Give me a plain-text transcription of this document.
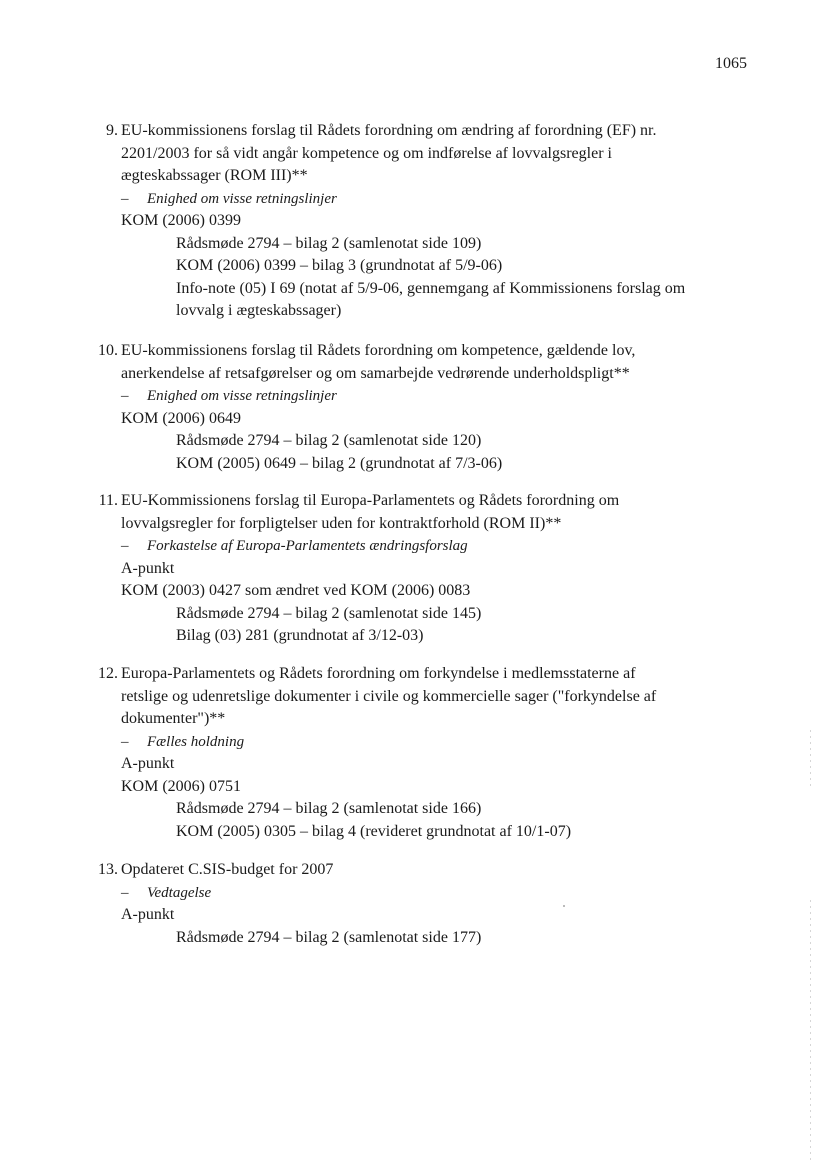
1065
9. EU-kommissionens forslag til Rådets forordning om ændring af forordning (EF) nr.
2201/2003 for så vidt angår kompetence og om indførelse af lovvalgsregler i
ægteskabssager (ROM III)**
– Enighed om visse retningslinjer
KOM (2006) 0399
Rådsmøde 2794 – bilag 2 (samlenotat side 109)
KOM (2006) 0399 – bilag 3 (grundnotat af 5/9-06)
Info-note (05) I 69 (notat af 5/9-06, gennemgang af Kommissionens forslag om
lovvalg i ægteskabssager)
10. EU-kommissionens forslag til Rådets forordning om kompetence, gældende lov,
anerkendelse af retsafgørelser og om samarbejde vedrørende underholdspligt**
– Enighed om visse retningslinjer
KOM (2006) 0649
Rådsmøde 2794 – bilag 2 (samlenotat side 120)
KOM (2005) 0649 – bilag 2 (grundnotat af 7/3-06)
11. EU-Kommissionens forslag til Europa-Parlamentets og Rådets forordning om
lovvalgsregler for forpligtelser uden for kontraktforhold (ROM II)**
– Forkastelse af Europa-Parlamentets ændringsforslag
A-punkt
KOM (2003) 0427 som ændret ved KOM (2006) 0083
Rådsmøde 2794 – bilag 2 (samlenotat side 145)
Bilag (03) 281 (grundnotat af 3/12-03)
12. Europa-Parlamentets og Rådets forordning om forkyndelse i medlemsstaterne af
retslige og udenretslige dokumenter i civile og kommercielle sager ("forkyndelse af
dokumenter")**
– Fælles holdning
A-punkt
KOM (2006) 0751
Rådsmøde 2794 – bilag 2 (samlenotat side 166)
KOM (2005) 0305 – bilag 4 (revideret grundnotat af 10/1-07)
13. Opdateret C.SIS-budget for 2007
– Vedtagelse
A-punkt
Rådsmøde 2794 – bilag 2 (samlenotat side 177)
